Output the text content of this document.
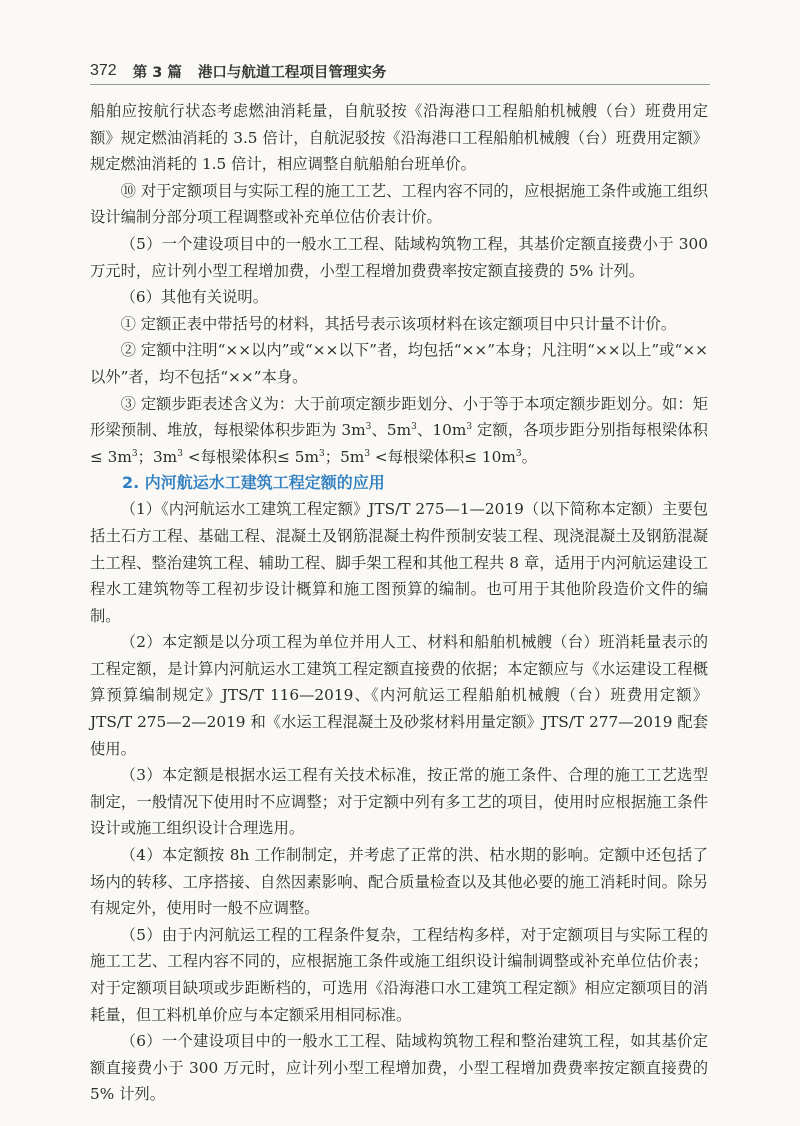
372 第 3 篇 港口与航道工程项目管理实务

船舶应按航行状态考虑燃油消耗量，自航驳按《沿海港口工程船舶机械艘（台）班费用定额》规定燃油消耗的 3.5 倍计，自航泥驳按《沿海港口工程船舶机械艘（台）班费用定额》规定燃油消耗的 1.5 倍计，相应调整自航船舶台班单价。

⑩ 对于定额项目与实际工程的施工工艺、工程内容不同的，应根据施工条件或施工组织设计编制分部分项工程调整或补充单位估价表计价。

（5）一个建设项目中的一般水工工程、陆域构筑物工程，其基价定额直接费小于 300 万元时，应计列小型工程增加费，小型工程增加费费率按定额直接费的 5% 计列。

（6）其他有关说明。

① 定额正表中带括号的材料，其括号表示该项材料在该定额项目中只计量不计价。

② 定额中注明“××以内”或“××以下”者，均包括“××”本身；凡注明“××以上”或“××以外”者，均不包括“××”本身。

③ 定额步距表述含义为：大于前项定额步距划分、小于等于本项定额步距划分。如：矩形梁预制、堆放，每根梁体积步距为 $3m^3$、$5m^3$、$10m^3$ 定额，各项步距分别指每根梁体积≤ $3m^3$；$3m^3$ <每根梁体积≤ $5m^3$；$5m^3$ <每根梁体积≤ $10m^3$。

2. 内河航运水工建筑工程定额的应用

（1）《内河航运水工建筑工程定额》JTS/T 275—1—2019（以下简称本定额）主要包括土石方工程、基础工程、混凝土及钢筋混凝土构件预制安装工程、现浇混凝土及钢筋混凝土工程、整治建筑工程、辅助工程、脚手架工程和其他工程共 8 章，适用于内河航运建设工程水工建筑物等工程初步设计概算和施工图预算的编制。也可用于其他阶段造价文件的编制。

（2）本定额是以分项工程为单位并用人工、材料和船舶机械艘（台）班消耗量表示的工程定额，是计算内河航运水工建筑工程定额直接费的依据；本定额应与《水运建设工程概算预算编制规定》JTS/T 116—2019、《内河航运工程船舶机械艘（台）班费用定额》JTS/T 275—2—2019 和《水运工程混凝土及砂浆材料用量定额》JTS/T 277—2019 配套使用。

（3）本定额是根据水运工程有关技术标准，按正常的施工条件、合理的施工工艺选型制定，一般情况下使用时不应调整；对于定额中列有多工艺的项目，使用时应根据施工条件设计或施工组织设计合理选用。

（4）本定额按 8h 工作制制定，并考虑了正常的洪、枯水期的影响。定额中还包括了场内的转移、工序搭接、自然因素影响、配合质量检查以及其他必要的施工消耗时间。除另有规定外，使用时一般不应调整。

（5）由于内河航运工程的工程条件复杂，工程结构多样，对于定额项目与实际工程的施工工艺、工程内容不同的，应根据施工条件或施工组织设计编制调整或补充单位估价表；对于定额项目缺项或步距断档的，可选用《沿海港口水工建筑工程定额》相应定额项目的消耗量，但工料机单价应与本定额采用相同标准。

（6）一个建设项目中的一般水工工程、陆域构筑物工程和整治建筑工程，如其基价定额直接费小于 300 万元时，应计列小型工程增加费，小型工程增加费费率按定额直接费的 5% 计列。
